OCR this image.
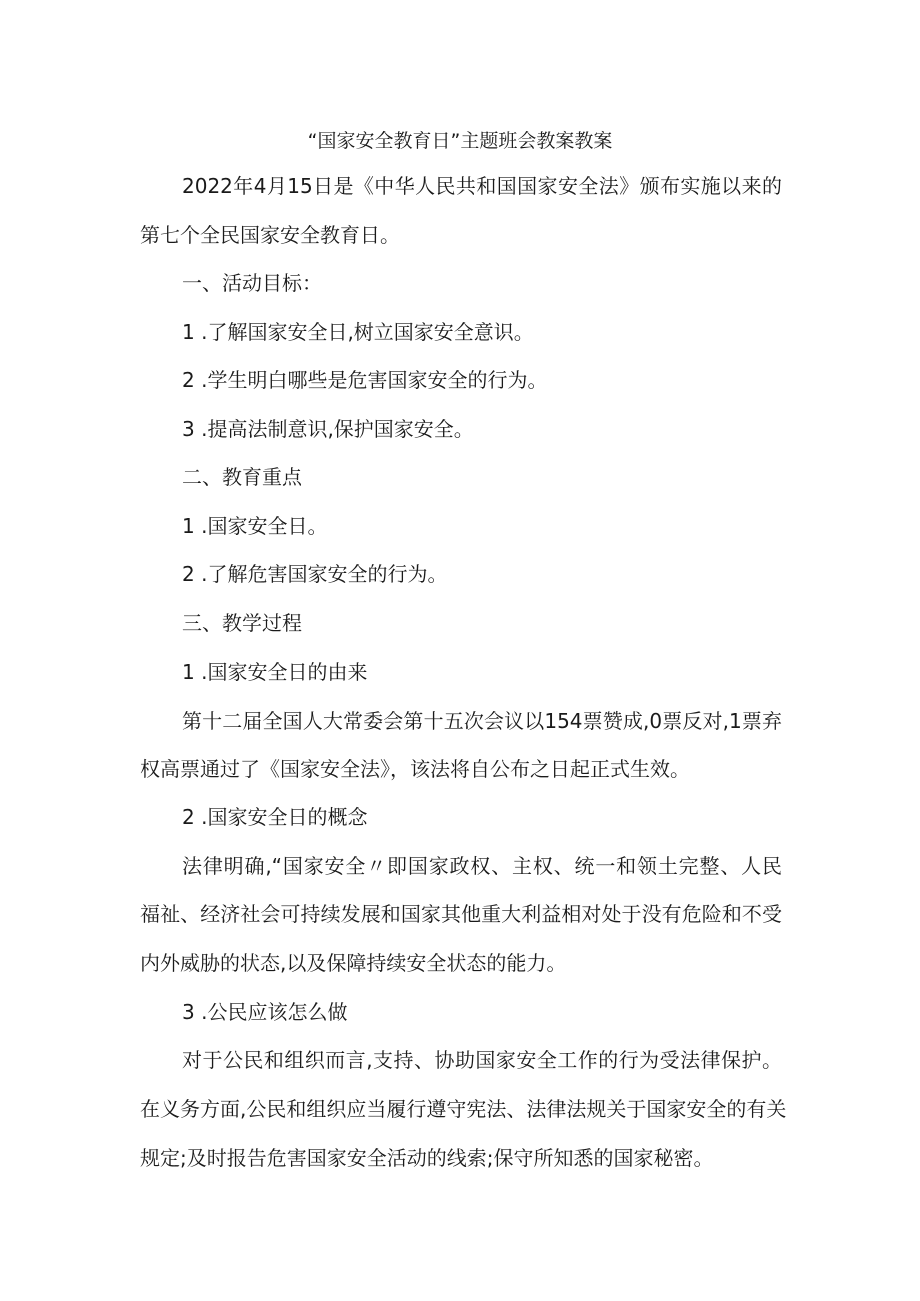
“国家安全教育日”主题班会教案教案
2022年4月15日是《中华人民共和国国家安全法》颁布实施以来的
第七个全民国家安全教育日。
一、活动目标：
1 .了解国家安全日,树立国家安全意识。
2 .学生明白哪些是危害国家安全的行为。
3 .提高法制意识,保护国家安全。
二、教育重点
1 .国家安全日。
2 .了解危害国家安全的行为。
三、教学过程
1 .国家安全日的由来
第十二届全国人大常委会第十五次会议以154票赞成,0票反对,1票弃
权高票通过了《国家安全法》，该法将自公布之日起正式生效。
2 .国家安全日的概念
法律明确,“国家安全〃即国家政权、主权、统一和领土完整、人民
福祉、经济社会可持续发展和国家其他重大利益相对处于没有危险和不受
内外威胁的状态,以及保障持续安全状态的能力。
3 .公民应该怎么做
对于公民和组织而言,支持、协助国家安全工作的行为受法律保护。
在义务方面,公民和组织应当履行遵守宪法、法律法规关于国家安全的有关
规定;及时报告危害国家安全活动的线索;保守所知悉的国家秘密。
